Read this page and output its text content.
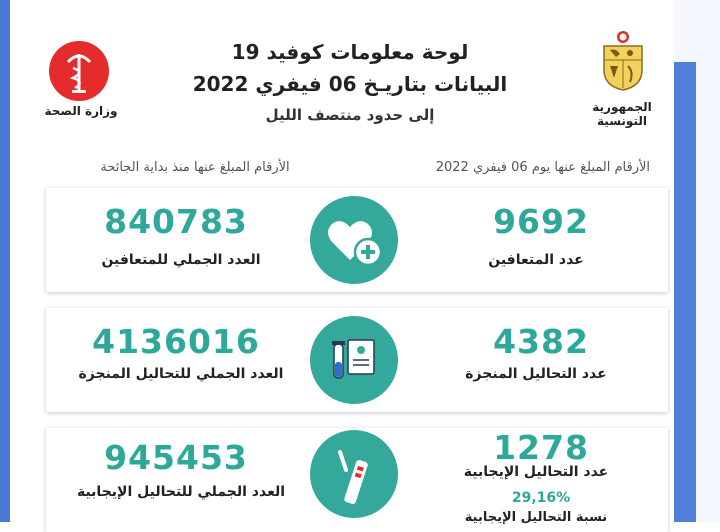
وزارة الصحة	الجمهورية التونسية
لوحة معلومات كوفيد 19
البيانات بتاريـخ 06 فيفري 2022
إلى حدود منتصف الليل
الأرقام المبلغ عنها يوم 06 فيفري 2022
الأرقام المبلغ عنها منذ بداية الجائحة
840783
العدد الجملي للمتعافين
9692
عدد المتعافين
4136016
العدد الجملي للتحاليل المنجزة
4382
عدد التحاليل المنجزة
945453
العدد الجملي للتحاليل الإيجابية
1278
عدد التحاليل الإيجابية
29,16%
نسبة التحاليل الإيجابية
